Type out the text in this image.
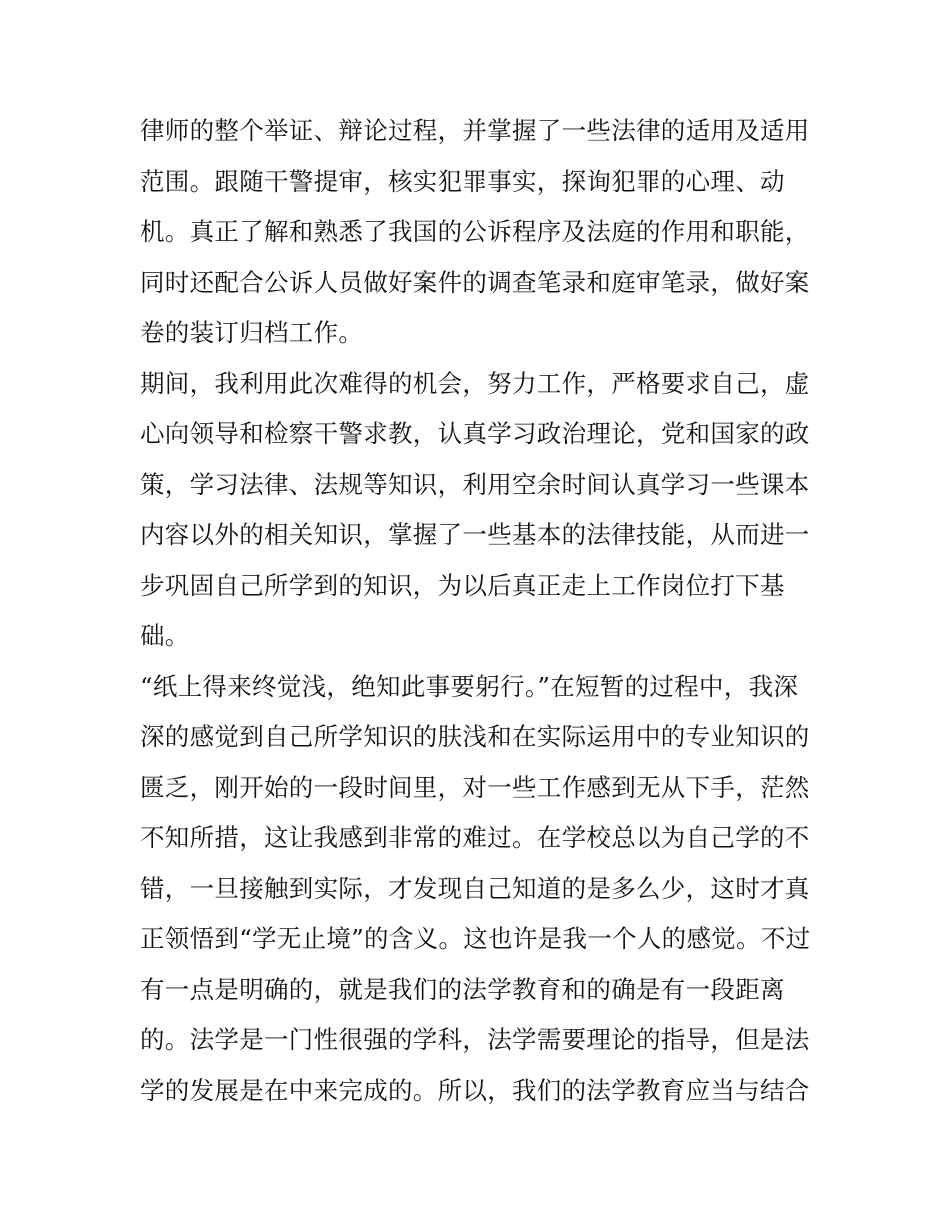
律师的整个举证、辩论过程，并掌握了一些法律的适用及适用
范围。跟随干警提审，核实犯罪事实，探询犯罪的心理、动
机。真正了解和熟悉了我国的公诉程序及法庭的作用和职能，
同时还配合公诉人员做好案件的调查笔录和庭审笔录，做好案
卷的装订归档工作。
期间，我利用此次难得的机会，努力工作，严格要求自己，虚
心向领导和检察干警求教，认真学习政治理论，党和国家的政
策，学习法律、法规等知识，利用空余时间认真学习一些课本
内容以外的相关知识，掌握了一些基本的法律技能，从而进一
步巩固自己所学到的知识，为以后真正走上工作岗位打下基
础。
“纸上得来终觉浅，绝知此事要躬行。”在短暂的过程中，我深
深的感觉到自己所学知识的肤浅和在实际运用中的专业知识的
匮乏，刚开始的一段时间里，对一些工作感到无从下手，茫然
不知所措，这让我感到非常的难过。在学校总以为自己学的不
错，一旦接触到实际，才发现自己知道的是多么少，这时才真
正领悟到“学无止境”的含义。这也许是我一个人的感觉。不过
有一点是明确的，就是我们的法学教育和的确是有一段距离
的。法学是一门性很强的学科，法学需要理论的指导，但是法
学的发展是在中来完成的。所以，我们的法学教育应当与结合
